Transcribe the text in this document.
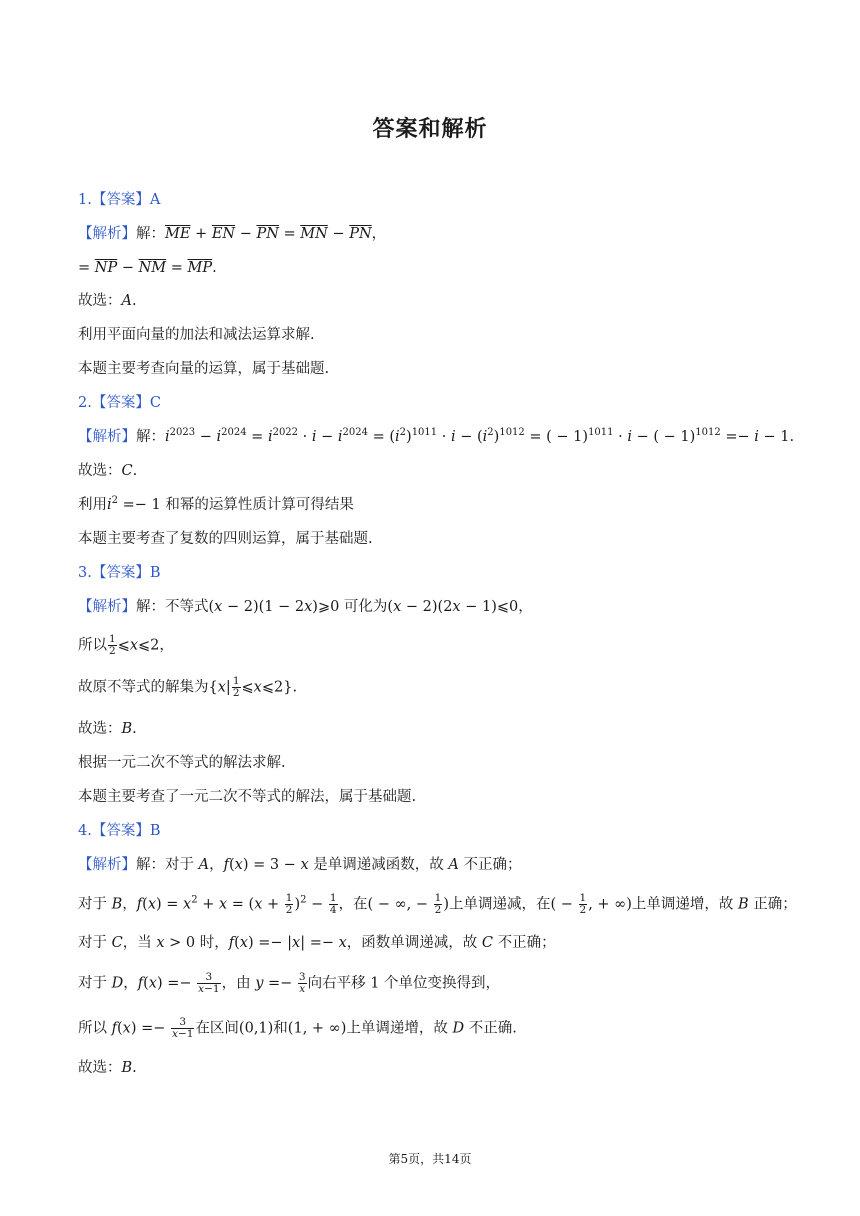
答案和解析
1.【答案】A
【解析】解：$\overline{ME} + \overline{EN} - \overline{PN} = \overline{MN} - \overline{PN}$，
= $\overline{NP} - \overline{NM} = \overline{MP}$.
故选：A.
利用平面向量的加法和减法运算求解.
本题主要考查向量的运算，属于基础题.
2.【答案】C
【解析】解：$i^{2023} - i^{2024} = i^{2022} \cdot i - i^{2024} = (i^2)^{1011} \cdot i - (i^2)^{1012}$ = ( − 1)$^{1011}$ · i − ( − 1)$^{1012}$ =− i − 1.
故选：C.
利用$i^2 =- 1$ 和幂的运算性质计算可得结果
本题主要考查了复数的四则运算，属于基础题.
3.【答案】B
【解析】解：不等式(x − 2)(1 − 2x)⩾0 可化为(x − 2)(2x − 1)⩽0，
所以 $\frac{1}{2}$ ⩽x⩽2，
故原不等式的解集为{$x| \frac{1}{2}$ ⩽x⩽2}.
故选：B.
根据一元二次不等式的解法求解.
本题主要考查了一元二次不等式的解法，属于基础题.
4.【答案】B
【解析】解：对于 A，f(x) = 3 − x 是单调递减函数，故 A 不正确；
对于 B，$f(x) = x^2 + x = (x + \frac{1}{2} )^2 - \frac{1}{4}$ ，在( − ∞, − $\frac{1}{2}$ )上单调递减，在( − $\frac{1}{2}$ , + ∞)上单调递增，故 B 正确；
对于 C，当 x > 0 时，f(x) =− |x| =− x，函数单调递减，故 C 不正确；
对于 D，$f(x) =- \frac{3}{x-1}$ ，由 $y =- \frac{3}{x}$ 向右平移 1 个单位变换得到，
所以 $f(x) =- \frac{3}{x-1}$ 在区间(0,1)和(1, + ∞)上单调递增，故 D 不正确.
故选：B.
第5页，共14页
